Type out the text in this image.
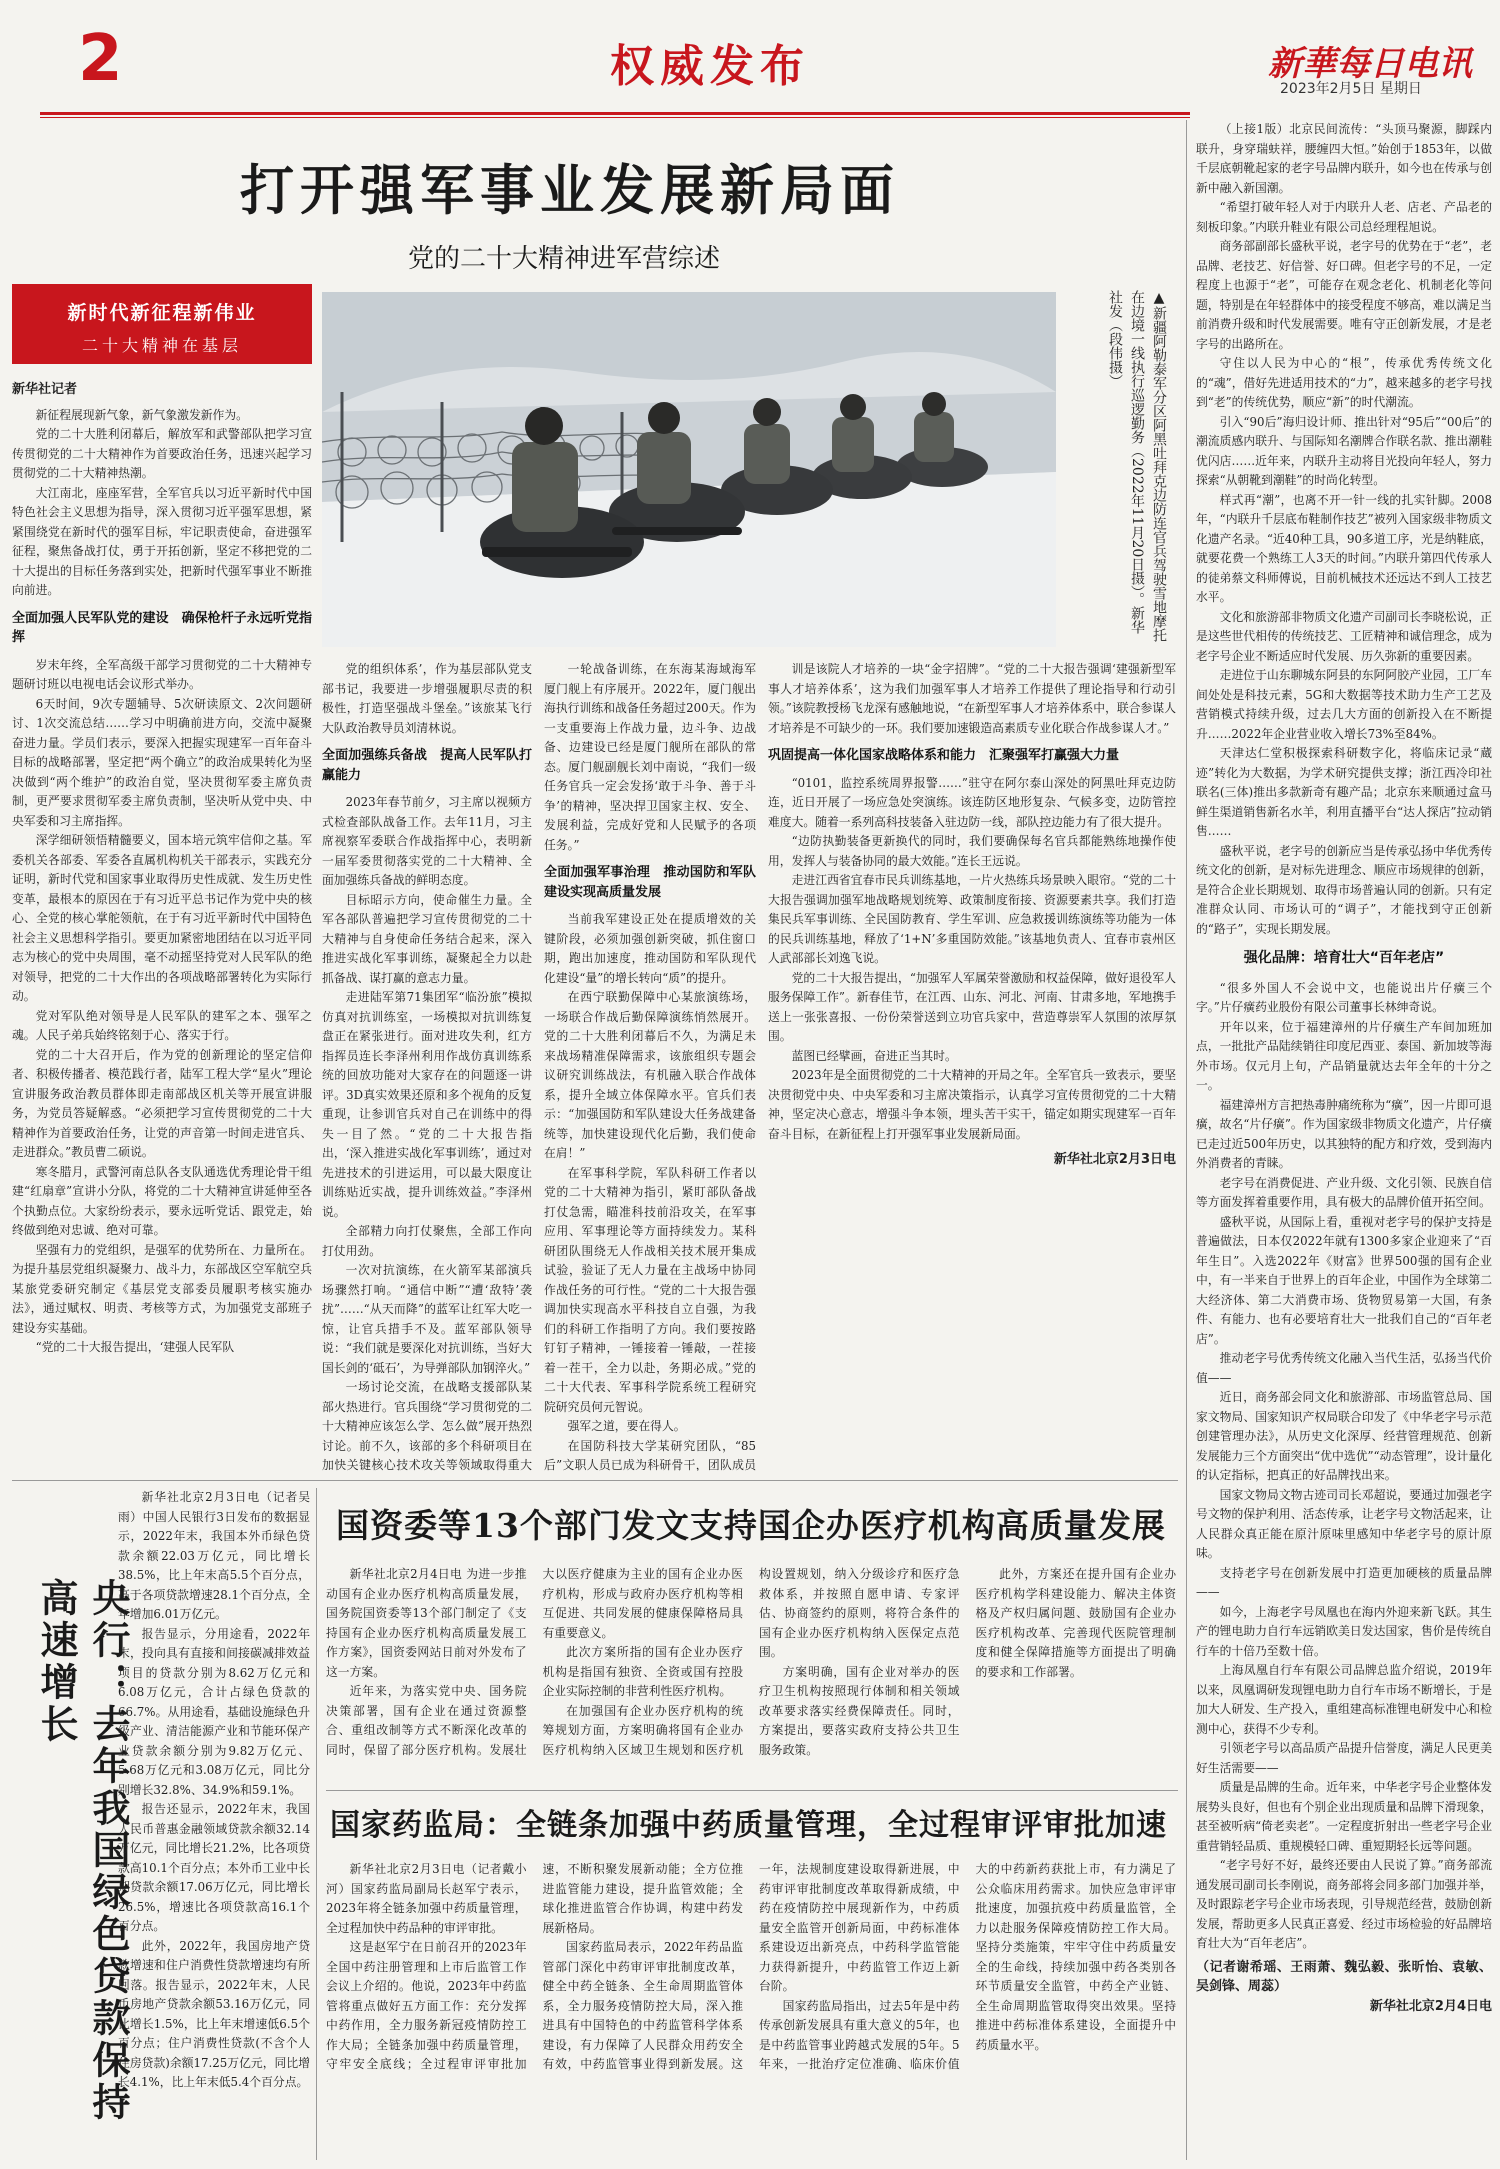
2	权威发布	新華每日电讯
2023年2月5日 星期日
打开强军事业发展新局面
党的二十大精神进军营综述
新时代新征程新伟业
二十大精神在基层	▲新疆阿勒泰军分区阿黑吐拜克边防连官兵驾驶雪地摩托在边境一线执行巡逻勤务（2022年11月20日摄）。新华社发（段伟摄）
新华社记者

新征程展现新气象，新气象激发新作为。

党的二十大胜利闭幕后，解放军和武警部队把学习宣传贯彻党的二十大精神作为首要政治任务，迅速兴起学习贯彻党的二十大精神热潮。

大江南北，座座军营，全军官兵以习近平新时代中国特色社会主义思想为指导，深入贯彻习近平强军思想，紧紧围绕党在新时代的强军目标，牢记职责使命，奋进强军征程，聚焦备战打仗，勇于开拓创新，坚定不移把党的二十大提出的目标任务落到实处，把新时代强军事业不断推向前进。

全面加强人民军队党的建设　确保枪杆子永远听党指挥

岁末年终，全军高级干部学习贯彻党的二十大精神专题研讨班以电视电话会议形式举办。

6天时间，9次专题辅导、5次研读原文、2次问题研讨、1次交流总结……学习中明确前进方向，交流中凝聚奋进力量。学员们表示，要深入把握实现建军一百年奋斗目标的战略部署，坚定把“两个确立”的政治成果转化为坚决做到“两个维护”的政治自觉，坚决贯彻军委主席负责制，更严要求贯彻军委主席负责制，坚决听从党中央、中央军委和习主席指挥。

深学细研领悟精髓要义，国本培元筑牢信仰之基。军委机关各部委、军委各直属机构机关干部表示，实践充分证明，新时代党和国家事业取得历史性成就、发生历史性变革，最根本的原因在于有习近平总书记作为党中央的核心、全党的核心掌舵领航，在于有习近平新时代中国特色社会主义思想科学指引。要更加紧密地团结在以习近平同志为核心的党中央周围，毫不动摇坚持党对人民军队的绝对领导，把党的二十大作出的各项战略部署转化为实际行动。

党对军队绝对领导是人民军队的建军之本、强军之魂。人民子弟兵始终铭刻于心、落实于行。

党的二十大召开后，作为党的创新理论的坚定信仰者、积极传播者、模范践行者，陆军工程大学“星火”理论宣讲服务政治教员群体即走南部战区机关等开展宣讲服务，为党员答疑解惑。“必须把学习宣传贯彻党的二十大精神作为首要政治任务，让党的声音第一时间走进官兵、走进群众。”教员曹二硕说。

寒冬腊月，武警河南总队各支队通选优秀理论骨干组建“红扇章”宣讲小分队，将党的二十大精神宣讲延伸至各个执勤点位。大家纷纷表示，要永远听党话、跟党走，始终做到绝对忠诚、绝对可靠。

坚强有力的党组织，是强军的优势所在、力量所在。为提升基层党组织凝聚力、战斗力，东部战区空军航空兵某旅党委研究制定《基层党支部委员履职考核实施办法》，通过赋权、明责、考核等方式，为加强党支部班子建设夯实基础。

“党的二十大报告提出，‘建强人民军队

党的组织体系’，作为基层部队党支部书记，我要进一步增强履职尽责的积极性，打造坚强战斗堡垒。”该旅某飞行大队政治教导员刘清林说。

全面加强练兵备战　提高人民军队打赢能力

2023年春节前夕，习主席以视频方式检查部队战备工作。去年11月，习主席视察军委联合作战指挥中心，表明新一届军委贯彻落实党的二十大精神、全面加强练兵备战的鲜明态度。

目标昭示方向，使命催生力量。全军各部队普遍把学习宣传贯彻党的二十大精神与自身使命任务结合起来，深入推进实战化军事训练，凝聚起全力以赴抓备战、谋打赢的意志力量。

走进陆军第71集团军“临汾旅”模拟仿真对抗训练室，一场模拟对抗训练复盘正在紧张进行。面对进攻失利，红方指挥员连长李泽州利用作战仿真训练系统的回放功能对大家存在的问题逐一讲评。3D真实效果还原和多个视角的反复重现，让参训官兵对自己在训练中的得失一目了然。“党的二十大报告指出，‘深入推进实战化军事训练’，通过对先进技术的引进运用，可以最大限度让训练贴近实战，提升训练效益。”李泽州说。

全部精力向打仗聚焦，全部工作向打仗用劲。

一次对抗演练，在火箭军某部演兵场骤然打响。“通信中断”“遭‘敌特’袭扰”……“从天而降”的蓝军让红军大吃一惊，让官兵措手不及。蓝军部队领导说：“我们就是要深化对抗训练，当好大国长剑的‘砥石’，为导弹部队加钢淬火。”

一场讨论交流，在战略支援部队某部火热进行。官兵围绕“学习贯彻党的二十大精神应该怎么学、怎么做”展开热烈讨论。前不久，该部的多个科研项目在加快关键核心技术攻关等领域取得重大

一轮战备训练，在东海某海域海军厦门舰上有序展开。2022年，厦门舰出海执行训练和战备任务超过200天。作为一支重要海上作战力量，边斗争、边战备、边建设已经是厦门舰所在部队的常态。厦门舰副舰长刘中南说，“我们一级任务官兵一定会发扬‘敢于斗争、善于斗争’的精神，坚决捍卫国家主权、安全、发展利益，完成好党和人民赋予的各项任务。”

全面加强军事治理　推动国防和军队建设实现高质量发展

当前我军建设正处在提质增效的关键阶段，必须加强创新突破，抓住窗口期，跑出加速度，推动国防和军队现代化建设“量”的增长转向“质”的提升。

在西宁联勤保障中心某旅演练场，一场联合作战后勤保障演练悄然展开。党的二十大胜利闭幕后不久，为满足未来战场精准保障需求，该旅组织专题会议研究训练战法，有机融入联合作战体系，提升全域立体保障水平。官兵们表示：“加强国防和军队建设大任务战建备统等，加快建设现代化后勤，我们使命在肩！”

在军事科学院，军队科研工作者以党的二十大精神为指引，紧盯部队备战打仗急需，瞄准科技前沿攻关，在军事应用、军事理论等方面持续发力。某科研团队围绕无人作战相关技术展开集成试验，验证了无人力量在主战场中协同作战任务的可行性。“党的二十大报告强调加快实现高水平科技自立自强，为我们的科研工作指明了方向。我们要按路钉钉子精神，一锤接着一锤敲，一茬接着一茬干，全力以赴，务期必成。”党的二十大代表、军事科学院系统工程研究院研究员何元智说。

强军之道，要在得人。

在国防科技大学某研究团队，“85后”文职人员已成为科研骨干，团队成员

训是该院人才培养的一块“金字招牌”。“党的二十大报告强调‘建强新型军事人才培养体系’，这为我们加强军事人才培养工作提供了理论指导和行动引领。”该院教授杨飞龙深有感触地说，“在新型军事人才培养体系中，联合参谋人才培养是不可缺少的一环。我们要加速锻造高素质专业化联合作战参谋人才。”

巩固提高一体化国家战略体系和能力　汇聚强军打赢强大力量

“0101，监控系统周界报警……”驻守在阿尔泰山深处的阿黑吐拜克边防连，近日开展了一场应急处突演练。该连防区地形复杂、气候多变，边防管控难度大。随着一系列高科技装备入驻边防一线，部队控边能力有了很大提升。

“边防执勤装备更新换代的同时，我们要确保每名官兵都能熟练地操作使用，发挥人与装备协同的最大效能。”连长王远说。

走进江西省宜春市民兵训练基地，一片火热练兵场景映入眼帘。“党的二十大报告强调加强军地战略规划统筹、政策制度衔接、资源要素共享。我们打造集民兵军事训练、全民国防教育、学生军训、应急救援训练演练等功能为一体的民兵训练基地，释放了‘1+N’多重国防效能。”该基地负责人、宜春市袁州区人武部部长刘逸飞说。

党的二十大报告提出，“加强军人军属荣誉激励和权益保障，做好退役军人服务保障工作”。新春佳节，在江西、山东、河北、河南、甘肃多地，军地携手送上一张张喜报、一份份荣誉送到立功官兵家中，营造尊崇军人氛围的浓厚氛围。

蓝图已经擘画，奋进正当其时。

2023年是全面贯彻党的二十大精神的开局之年。全军官兵一致表示，要坚决贯彻党中央、中央军委和习主席决策指示，认真学习宣传贯彻党的二十大精神，坚定决心意志，增强斗争本领，埋头苦干实干，锚定如期实现建军一百年奋斗目标，在新征程上打开强军事业发展新局面。

新华社北京2月3日电

（上接1版）北京民间流传：“头顶马聚源，脚踩内联升，身穿瑞蚨祥，腰缠四大恒。”始创于1853年，以做千层底朝靴起家的老字号品牌内联升，如今也在传承与创新中融入新国潮。

“希望打破年轻人对于内联升人老、店老、产品老的刻板印象。”内联升鞋业有限公司总经理程旭说。

商务部副部长盛秋平说，老字号的优势在于“老”，老品牌、老技艺、好信誉、好口碑。但老字号的不足，一定程度上也源于“老”，可能存在观念老化、机制老化等问题，特别是在年轻群体中的接受程度不够高，难以满足当前消费升级和时代发展需要。唯有守正创新发展，才是老字号的出路所在。

守住以人民为中心的“根”，传承优秀传统文化的“魂”，借好先进适用技术的“力”，越来越多的老字号找到“老”的传统优势，顺应“新”的时代潮流。

引入“90后”海归设计师、推出针对“95后”“00后”的潮流质感内联升、与国际知名潮牌合作联名款、推出潮鞋优闪店……近年来，内联升主动将目光投向年轻人，努力探索“从朝靴到潮鞋”的时尚化转型。

样式再“潮”，也离不开一针一线的扎实针脚。2008年，“内联升千层底布鞋制作技艺”被列入国家级非物质文化遗产名录。“近40种工具，90多道工序，光是纳鞋底，就要花费一个熟练工人3天的时间。”内联升第四代传承人的徒弟蔡文科师傅说，目前机械技术还远达不到人工技艺水平。

文化和旅游部非物质文化遗产司副司长李晓松说，正是这些世代相传的传统技艺、工匠精神和诚信理念，成为老字号企业不断适应时代发展、历久弥新的重要因素。

走进位于山东聊城东阿县的东阿阿胶产业园，工厂车间处处是科技元素，5G和大数据等技术助力生产工艺及营销模式持续升级，过去几大方面的创新投入在不断提升……2022年企业营业收入增长73%至84%。

天津达仁堂积极探索科研数字化，将临床记录“蔵迹”转化为大数据，为学术研究提供支撑；浙江西冷印社联名(三体)推出多款新奇有趣产品；北京东来顺通过盒马鲜生渠道销售新名水羊，利用直播平台“达人探店”拉动销售……

盛秋平说，老字号的创新应当是传承弘扬中华优秀传统文化的创新，是对标先进理念、顺应市场规律的创新，是符合企业长期规划、取得市场普遍认同的创新。只有定准群众认同、市场认可的“调子”，才能找到守正创新的“路子”，实现长期发展。

强化品牌：培育壮大“百年老店”

“很多外国人不会说中文，也能说出片仔癀三个字。”片仔癀药业股份有限公司董事长林绅奇说。

开年以来，位于福建漳州的片仔癀生产车间加班加点，一批批产品陆续销往印度尼西亚、泰国、新加坡等海外市场。仅元月上旬，产品销量就达去年全年的十分之一。

福建漳州方言把热毒肿痛统称为“癀”，因一片即可退癀，故名“片仔癀”。作为国家级非物质文化遗产，片仔癀已走过近500年历史，以其独特的配方和疗效，受到海内外消费者的青睐。

老字号在消费促进、产业升级、文化引领、民族自信等方面发挥着重要作用，具有极大的品牌价值开拓空间。

盛秋平说，从国际上看，重视对老字号的保护支持是普遍做法，日本仅2022年就有1300多家企业迎来了“百年生日”。入选2022年《财富》世界500强的国有企业中，有一半来自于世界上的百年企业，中国作为全球第二大经济体、第二大消费市场、货物贸易第一大国，有条件、有能力、也有必要培育壮大一批我们自己的“百年老店”。

推动老字号优秀传统文化融入当代生活，弘扬当代价值——

近日，商务部会同文化和旅游部、市场监管总局、国家文物局、国家知识产权局联合印发了《中华老字号示范创建管理办法》，从历史文化深厚、经营管理规范、创新发展能力三个方面突出“优中选优”“动态管理”，设计量化的认定指标，把真正的好品牌找出来。

国家文物局文物古迹司司长邓超说，要通过加强老字号文物的保护利用、活态传承，让老字号文物活起来，让人民群众真正能在原汁原味里感知中华老字号的原计原味。

支持老字号在创新发展中打造更加硬核的质量品牌——

如今，上海老字号凤凰也在海内外迎来新飞跃。其生产的锂电助力自行车远销欧美日发达国家，售价是传统自行车的十倍乃至数十倍。

上海凤凰自行车有限公司品牌总监介绍说，2019年以来，凤凰调研发现锂电助力自行车市场不断增长，于是加大人研发、生产投入，重组建高标准锂电研发中心和检测中心，获得不少专利。

引领老字号以高品质产品提升信誉度，满足人民更美好生活需要——

质量是品牌的生命。近年来，中华老字号企业整体发展势头良好，但也有个别企业出现质量和品牌下滑现象，甚至被听病“倚老卖老”。一定程度折射出一些老字号企业重营销轻品质、重规模轻口碑、重短期轻长远等问题。

“老字号好不好，最终还要由人民说了算。”商务部流通发展司副司长李刚说，商务部将会同多部门加强并举，及时跟踪老字号企业市场表现，引导规范经营，鼓励创新发展，帮助更多人民真正喜爱、经过市场检验的好品牌培育壮大为“百年老店”。

（记者谢希瑶、王雨萧、魏弘毅、张昕怡、袁敏、吴剑锋、周蕊）
新华社北京2月4日电
央行：去年我国绿色贷款保持高速增长

新华社北京2月3日电（记者吴雨）中国人民银行3日发布的数据显示，2022年末，我国本外币绿色贷款余额22.03万亿元，同比增长38.5%，比上年末高5.5个百分点，高于各项贷款增速28.1个百分点，全年增加6.01万亿元。

报告显示，分用途看，2022年末，投向具有直接和间接碳减排效益项目的贷款分别为8.62万亿元和6.08万亿元，合计占绿色贷款的66.7%。从用途看，基础设施绿色升级产业、清洁能源产业和节能环保产业贷款余额分别为9.82万亿元、5.68万亿元和3.08万亿元，同比分别增长32.8%、34.9%和59.1%。

报告还显示，2022年末，我国人民币普惠金融领域贷款余额32.14万亿元，同比增长21.2%，比各项贷款高10.1个百分点；本外币工业中长期贷款余额17.06万亿元，同比增长26.5%，增速比各项贷款高16.1个百分点。

此外，2022年，我国房地产贷款增速和住户消费性贷款增速均有所回落。报告显示，2022年末，人民币房地产贷款余额53.16万亿元，同比增长1.5%，比上年末增速低6.5个百分点；住户消费性贷款(不含个人住房贷款)余额17.25万亿元，同比增长4.1%，比上年末低5.4个百分点。

国资委等13个部门发文支持国企办医疗机构高质量发展

新华社北京2月4日电 为进一步推动国有企业办医疗机构高质量发展，国务院国资委等13个部门制定了《支持国有企业办医疗机构高质量发展工作方案》，国资委网站日前对外发布了这一方案。

近年来，为落实党中央、国务院决策部署，国有企业在通过资源整合、重组改制等方式不断深化改革的同时，保留了部分医疗机构。发展壮大以医疗健康为主业的国有企业办医疗机构，形成与政府办医疗机构等相互促进、共同发展的健康保障格局具有重要意义。

此次方案所指的国有企业办医疗机构是指国有独资、全资或国有控股企业实际控制的非营利性医疗机构。

在加强国有企业办医疗机构的统筹规划方面，方案明确将国有企业办医疗机构纳入区域卫生规划和医疗机构设置规划，纳入分级诊疗和医疗急救体系，并按照自愿申请、专家评估、协商签约的原则，将符合条件的国有企业办医疗机构纳入医保定点范围。

方案明确，国有企业对举办的医疗卫生机构按照现行体制和相关领域改革要求落实经费保障责任。同时，方案提出，要落实政府支持公共卫生服务政策。

此外，方案还在提升国有企业办医疗机构学科建设能力、解决主体资格及产权归属问题、鼓励国有企业办医疗机构改革、完善现代医院管理制度和健全保障措施等方面提出了明确的要求和工作部署。

国家药监局：全链条加强中药质量管理，全过程审评审批加速

新华社北京2月3日电（记者戴小河）国家药监局副局长赵军宁表示，2023年将全链条加强中药质量管理，全过程加快中药品种的审评审批。

这是赵军宁在日前召开的2023年全国中药注册管理和上市后监管工作会议上介绍的。他说，2023年中药监管将重点做好五方面工作：充分发挥中药作用，全力服务新冠疫情防控工作大局；全链条加强中药质量管理，守牢安全底线；全过程审评审批加速，不断积聚发展新动能；全方位推进监管能力建设，提升监管效能；全球化推进监管合作协调，构建中药发展新格局。

国家药监局表示，2022年药品监管部门深化中药审评审批制度改革，健全中药全链条、全生命周期监管体系，全力服务疫情防控大局，深入推进具有中国特色的中药监管科学体系建设，有力保障了人民群众用药安全有效，中药监管事业得到新发展。这一年，法规制度建设取得新进展，中药审评审批制度改革取得新成绩，中药在疫情防控中展现新作为，中药质量安全监管开创新局面，中药标准体系建设迈出新亮点，中药科学监管能力获得新提升，中药监管工作迈上新台阶。

国家药监局指出，过去5年是中药传承创新发展具有重大意义的5年，也是中药监管事业跨越式发展的5年。5年来，一批治疗定位准确、临床价值大的中药新药获批上市，有力满足了公众临床用药需求。加快应急审评审批速度，加强抗疫中药质量监管，全力以赴服务保障疫情防控工作大局。坚持分类施策，牢牢守住中药质量安全的生命线，持续加强中药各类别各环节质量安全监管，中药全产业链、全生命周期监管取得突出效果。坚持推进中药标准体系建设，全面提升中药质量水平。
